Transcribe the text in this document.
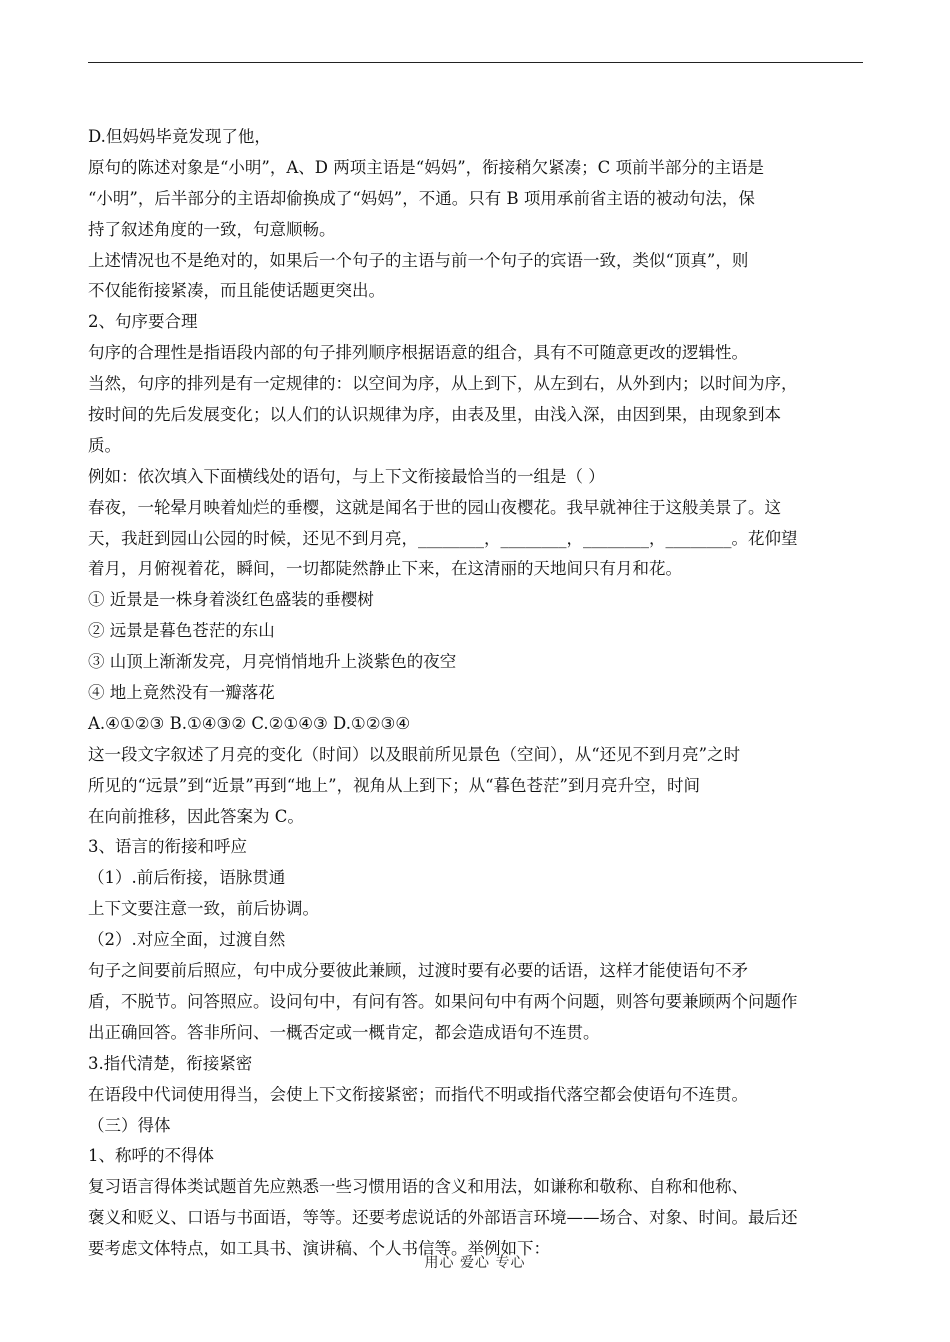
D.但妈妈毕竟发现了他，
原句的陈述对象是“小明”，A、D 两项主语是“妈妈”，衔接稍欠紧凑；C 项前半部分的主语是
“小明”，后半部分的主语却偷换成了“妈妈”，不通。只有 B 项用承前省主语的被动句法，保
持了叙述角度的一致，句意顺畅。
上述情况也不是绝对的，如果后一个句子的主语与前一个句子的宾语一致，类似“顶真”，则
不仅能衔接紧凑，而且能使话题更突出。
2、句序要合理
句序的合理性是指语段内部的句子排列顺序根据语意的组合，具有不可随意更改的逻辑性。
当然，句序的排列是有一定规律的：以空间为序，从上到下，从左到右，从外到内；以时间为序，
按时间的先后发展变化；以人们的认识规律为序，由表及里，由浅入深，由因到果，由现象到本
质。
例如：依次填入下面横线处的语句，与上下文衔接最恰当的一组是（ ）
春夜，一轮晕月映着灿烂的垂樱，这就是闻名于世的园山夜樱花。我早就神往于这般美景了。这
天，我赶到园山公园的时候，还见不到月亮，________，________，________，________。花仰望
着月，月俯视着花，瞬间，一切都陡然静止下来，在这清丽的天地间只有月和花。
① 近景是一株身着淡红色盛装的垂樱树
② 远景是暮色苍茫的东山
③ 山顶上渐渐发亮，月亮悄悄地升上淡紫色的夜空
④ 地上竟然没有一瓣落花
A.④①②③ B.①④③② C.②①④③ D.①②③④
这一段文字叙述了月亮的变化（时间）以及眼前所见景色（空间），从“还见不到月亮”之时
所见的“远景”到“近景”再到“地上”，视角从上到下；从“暮色苍茫”到月亮升空，时间
在向前推移，因此答案为 C。
3、语言的衔接和呼应
（1）.前后衔接，语脉贯通
上下文要注意一致，前后协调。
（2）.对应全面，过渡自然
句子之间要前后照应，句中成分要彼此兼顾，过渡时要有必要的话语，这样才能使语句不矛
盾，不脱节。问答照应。设问句中，有问有答。如果问句中有两个问题，则答句要兼顾两个问题作
出正确回答。答非所问、一概否定或一概肯定，都会造成语句不连贯。
3.指代清楚，衔接紧密
在语段中代词使用得当，会使上下文衔接紧密；而指代不明或指代落空都会使语句不连贯。
（三）得体
1、称呼的不得体
复习语言得体类试题首先应熟悉一些习惯用语的含义和用法，如谦称和敬称、自称和他称、
褒义和贬义、口语与书面语，等等。还要考虑说话的外部语言环境——场合、对象、时间。最后还
要考虑文体特点，如工具书、演讲稿、个人书信等。举例如下：
用心 爱心 专心
